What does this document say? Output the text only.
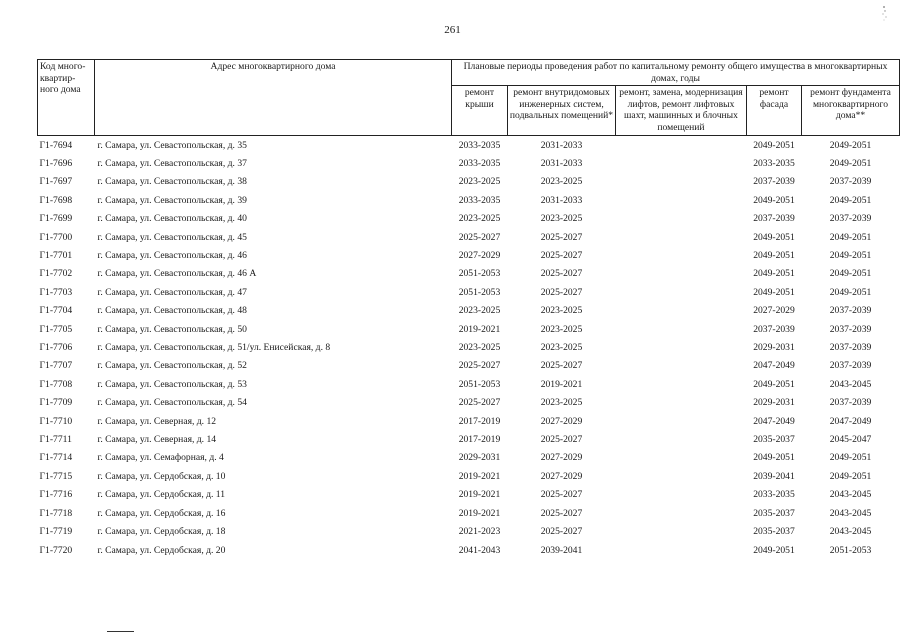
261
Код много-квартир-ного дома	Адрес многоквартирного дома	Плановые периоды проведения работ по капитальному ремонту общего имущества в многоквартирных домах, годы				
		ремонт крыши	ремонт внутридомовых инженерных систем, подвальных помещений*	ремонт, замена, модернизация лифтов, ремонт лифтовых шахт, машинных и блочных помещений	ремонт фасада	ремонт фундамента многоквартирного дома**
Г1-7694	г. Самара, ул. Севастопольская, д. 35	2033-2035	2031-2033		2049-2051	2049-2051
Г1-7696	г. Самара, ул. Севастопольская, д. 37	2033-2035	2031-2033		2033-2035	2049-2051
Г1-7697	г. Самара, ул. Севастопольская, д. 38	2023-2025	2023-2025		2037-2039	2037-2039
Г1-7698	г. Самара, ул. Севастопольская, д. 39	2033-2035	2031-2033		2049-2051	2049-2051
Г1-7699	г. Самара, ул. Севастопольская, д. 40	2023-2025	2023-2025		2037-2039	2037-2039
Г1-7700	г. Самара, ул. Севастопольская, д. 45	2025-2027	2025-2027		2049-2051	2049-2051
Г1-7701	г. Самара, ул. Севастопольская, д. 46	2027-2029	2025-2027		2049-2051	2049-2051
Г1-7702	г. Самара, ул. Севастопольская, д. 46 А	2051-2053	2025-2027		2049-2051	2049-2051
Г1-7703	г. Самара, ул. Севастопольская, д. 47	2051-2053	2025-2027		2049-2051	2049-2051
Г1-7704	г. Самара, ул. Севастопольская, д. 48	2023-2025	2023-2025		2027-2029	2037-2039
Г1-7705	г. Самара, ул. Севастопольская, д. 50	2019-2021	2023-2025		2037-2039	2037-2039
Г1-7706	г. Самара, ул. Севастопольская, д. 51/ул. Енисейская, д. 8	2023-2025	2023-2025		2029-2031	2037-2039
Г1-7707	г. Самара, ул. Севастопольская, д. 52	2025-2027	2025-2027		2047-2049	2037-2039
Г1-7708	г. Самара, ул. Севастопольская, д. 53	2051-2053	2019-2021		2049-2051	2043-2045
Г1-7709	г. Самара, ул. Севастопольская, д. 54	2025-2027	2023-2025		2029-2031	2037-2039
Г1-7710	г. Самара, ул. Северная, д. 12	2017-2019	2027-2029		2047-2049	2047-2049
Г1-7711	г. Самара, ул. Северная, д. 14	2017-2019	2025-2027		2035-2037	2045-2047
Г1-7714	г. Самара, ул. Семафорная, д. 4	2029-2031	2027-2029		2049-2051	2049-2051
Г1-7715	г. Самара, ул. Сердобская, д. 10	2019-2021	2027-2029		2039-2041	2049-2051
Г1-7716	г. Самара, ул. Сердобская, д. 11	2019-2021	2025-2027		2033-2035	2043-2045
Г1-7718	г. Самара, ул. Сердобская, д. 16	2019-2021	2025-2027		2035-2037	2043-2045
Г1-7719	г. Самара, ул. Сердобская, д. 18	2021-2023	2025-2027		2035-2037	2043-2045
Г1-7720	г. Самара, ул. Сердобская, д. 20	2041-2043	2039-2041		2049-2051	2051-2053
